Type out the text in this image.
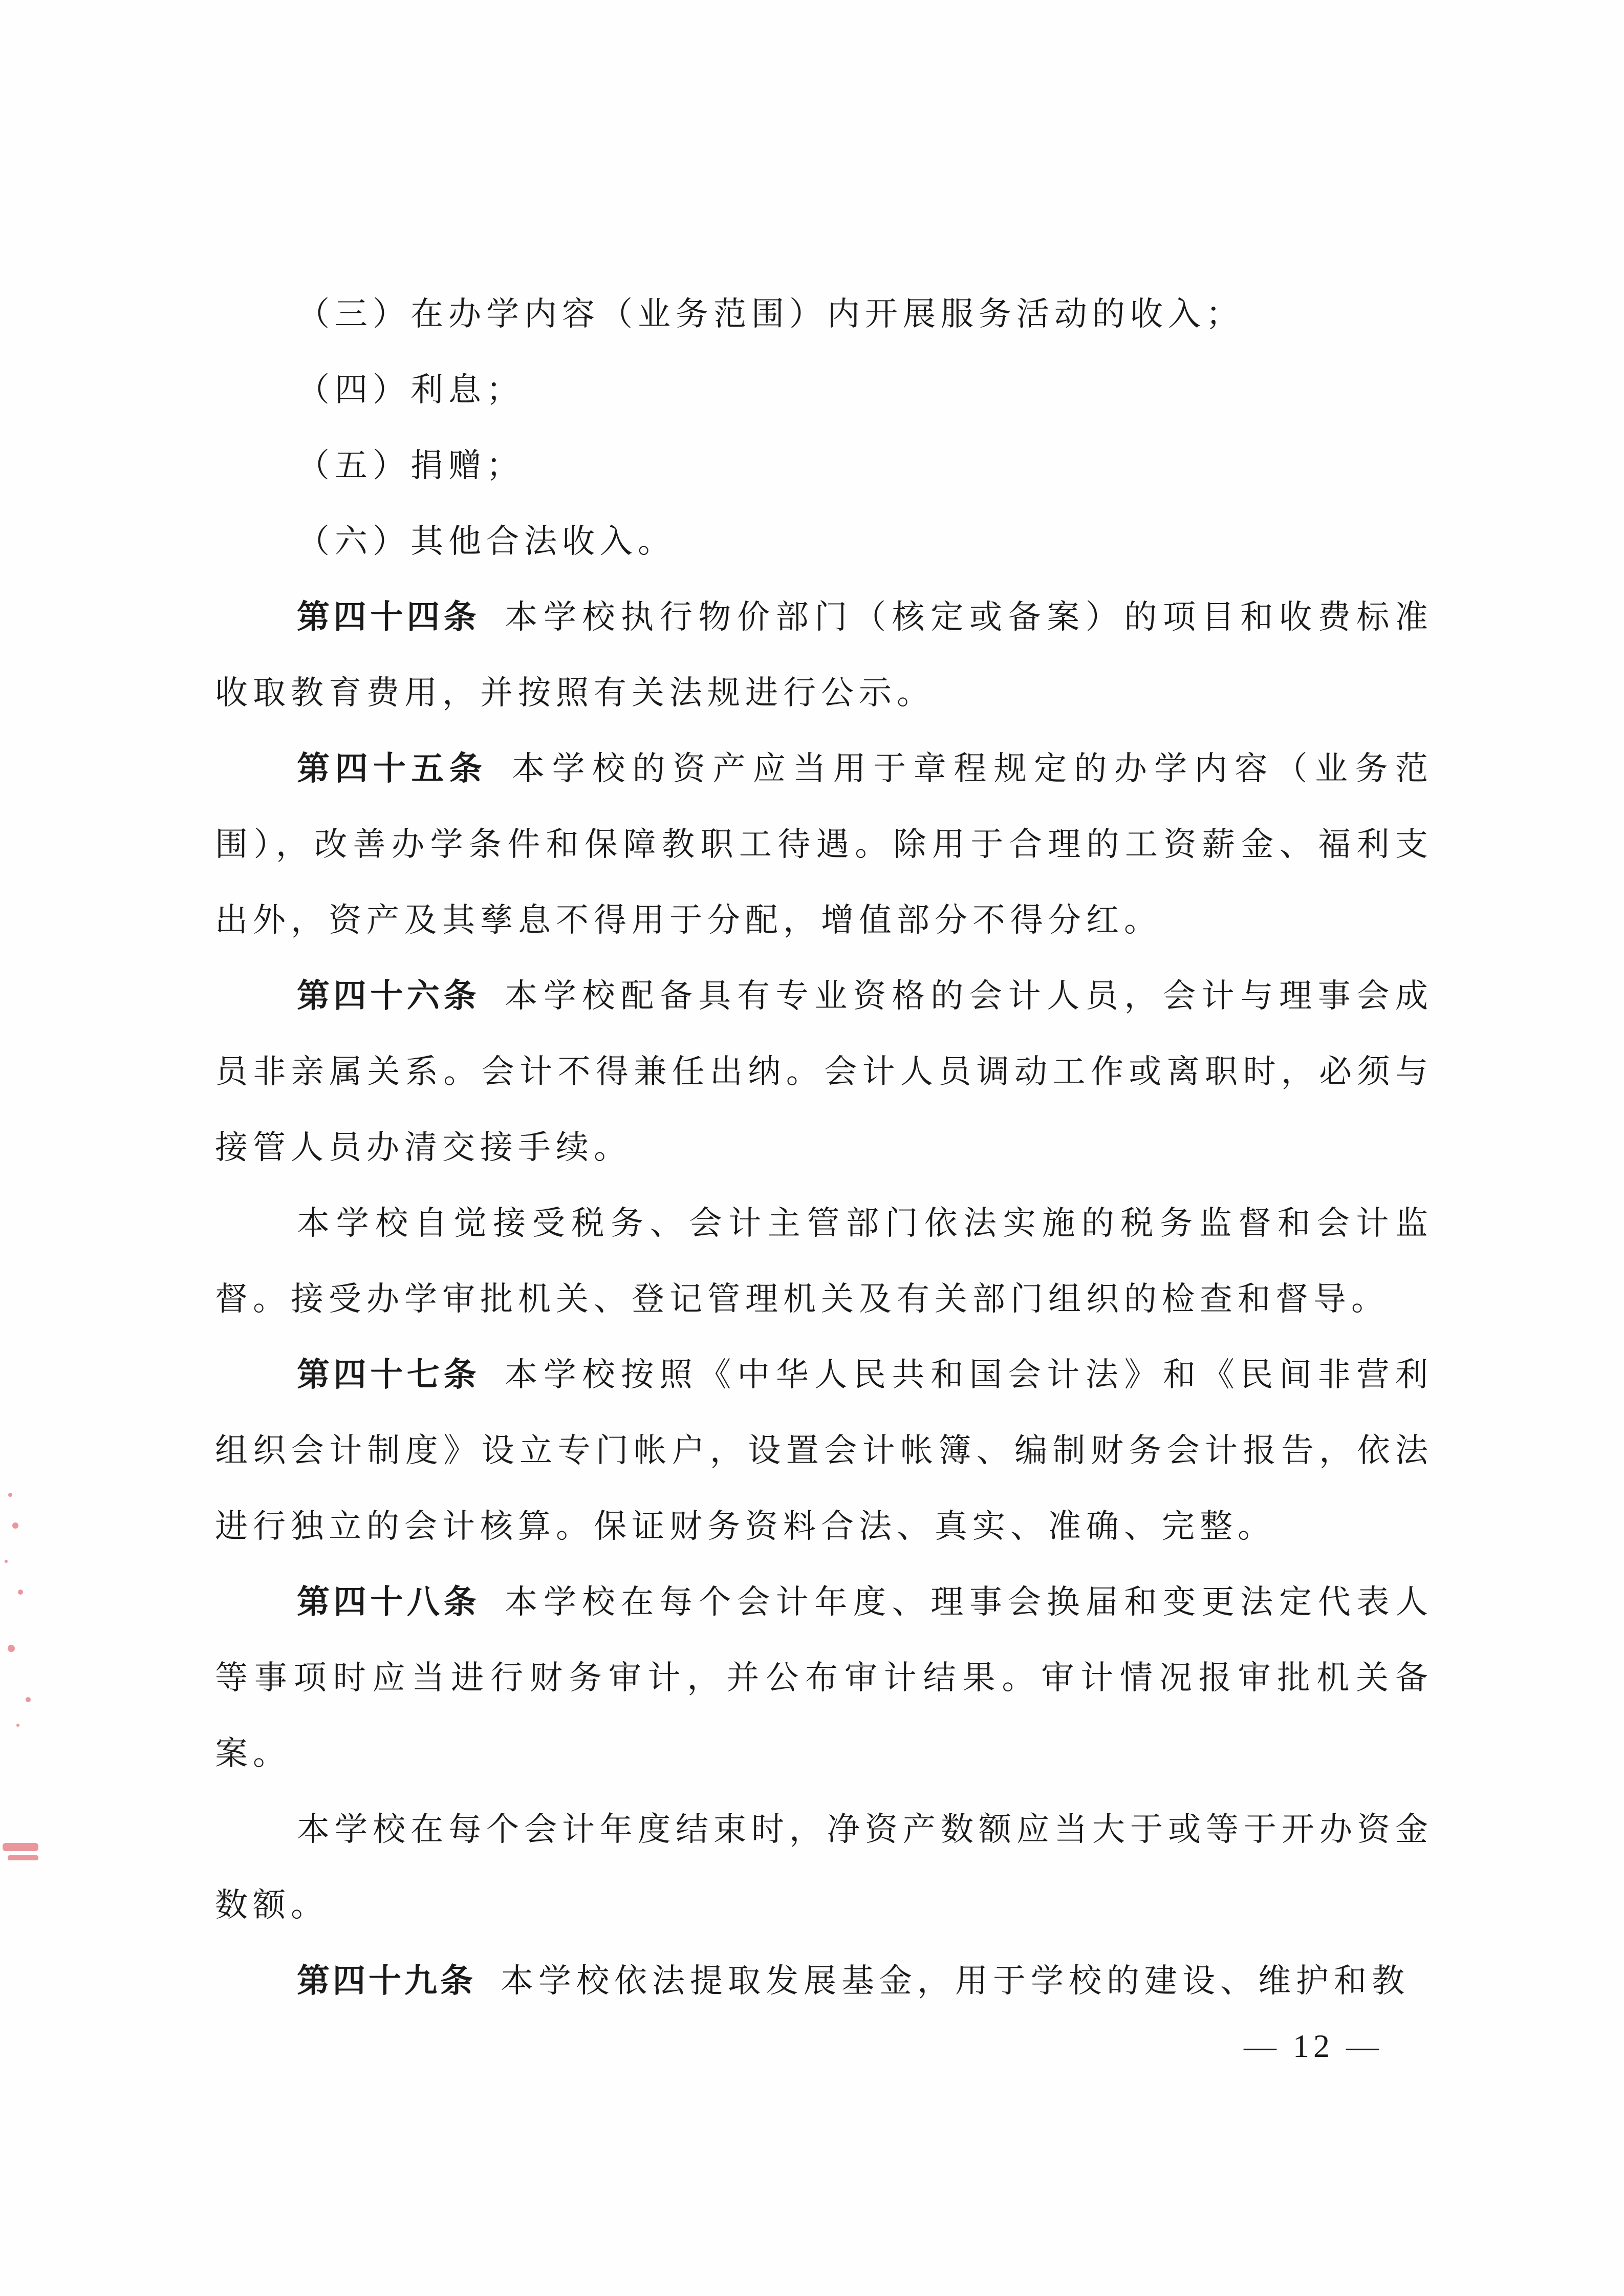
（三）在办学内容（业务范围）内开展服务活动的收入；

（四）利息；

（五）捐赠；

（六）其他合法收入。

第四十四条 本学校执行物价部门（核定或备案）的项目和收费标准收取教育费用，并按照有关法规进行公示。

第四十五条 本学校的资产应当用于章程规定的办学内容（业务范围），改善办学条件和保障教职工待遇。除用于合理的工资薪金、福利支出外，资产及其孳息不得用于分配，增值部分不得分红。

第四十六条 本学校配备具有专业资格的会计人员，会计与理事会成员非亲属关系。会计不得兼任出纳。会计人员调动工作或离职时，必须与接管人员办清交接手续。

本学校自觉接受税务、会计主管部门依法实施的税务监督和会计监督。接受办学审批机关、登记管理机关及有关部门组织的检查和督导。

第四十七条 本学校按照《中华人民共和国会计法》和《民间非营利组织会计制度》设立专门帐户，设置会计帐簿、编制财务会计报告，依法进行独立的会计核算。保证财务资料合法、真实、准确、完整。

第四十八条 本学校在每个会计年度、理事会换届和变更法定代表人等事项时应当进行财务审计，并公布审计结果。审计情况报审批机关备案。

本学校在每个会计年度结束时，净资产数额应当大于或等于开办资金数额。

第四十九条 本学校依法提取发展基金，用于学校的建设、维护和教

— 12 —
